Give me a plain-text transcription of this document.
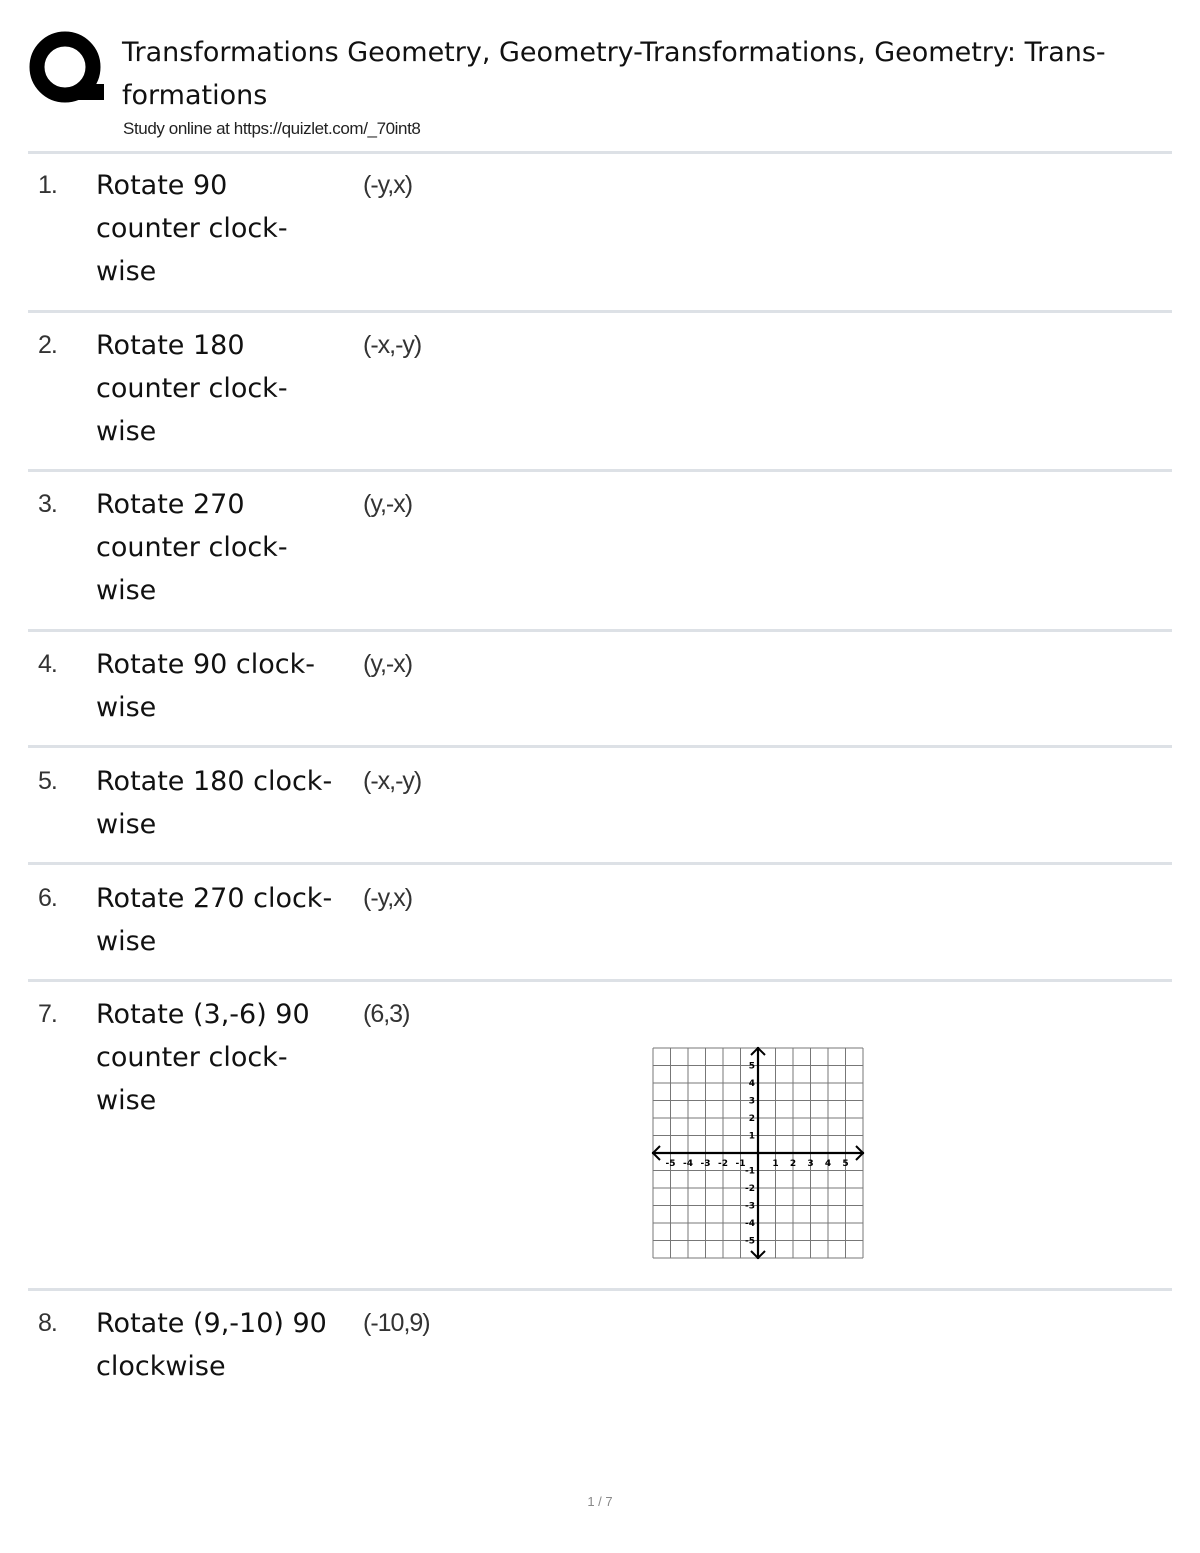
Transformations Geometry, Geometry-Transformations, Geometry: Trans-
formations
Study online at https://quizlet.com/_70int8
1. Rotate 90
counter clock-
wise
(-y,x)
2. Rotate 180
counter clock-
wise
(-x,-y)
3. Rotate 270
counter clock-
wise
(y,-x)
4. Rotate 90 clock-
wise
(y,-x)
5. Rotate 180 clock-
wise
(-x,-y)
6. Rotate 270 clock-
wise
(-y,x)
7. Rotate (3,-6) 90
counter clock-
wise
(6,3)
8. Rotate (9,-10) 90
clockwise
(-10,9)
-5 -4 -3 -2 -1	1 2 3 4 5
5
4
3
2
1
-1
-2
-3
-4
-5
1 / 7
